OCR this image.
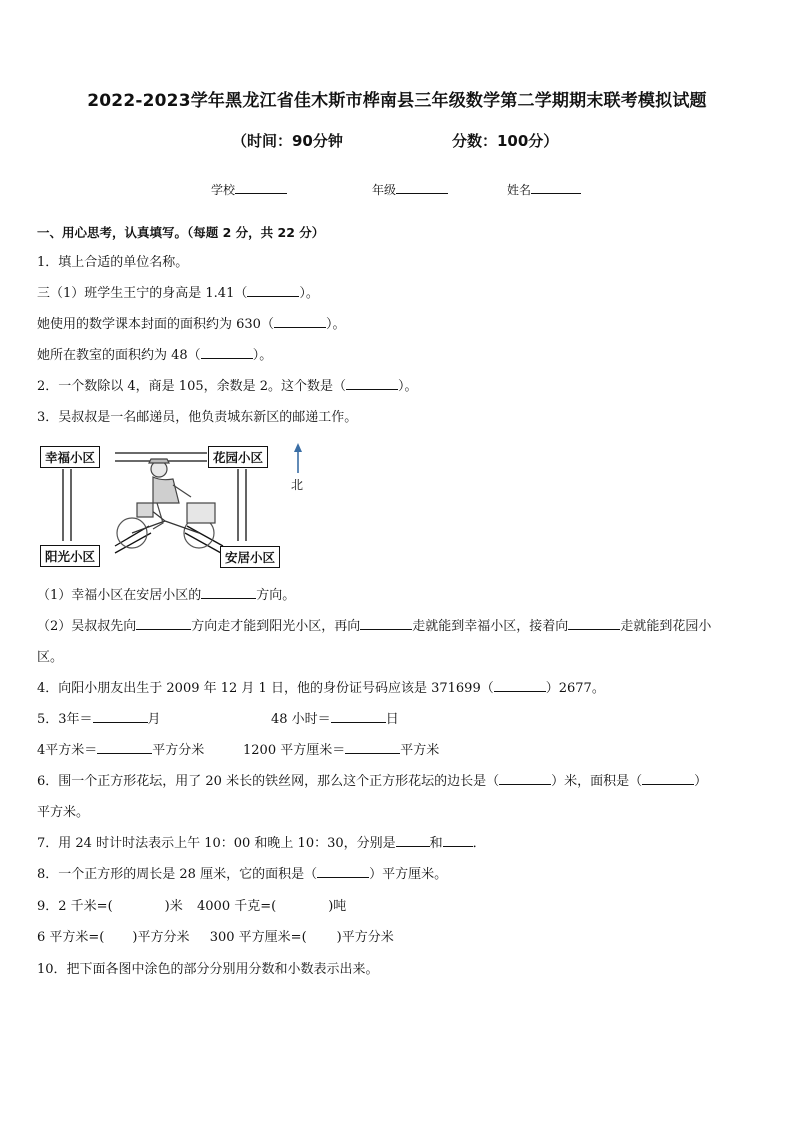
2022-2023学年黑龙江省佳木斯市桦南县三年级数学第二学期期末联考模拟试题
（时间：90分钟	分数：100分）
学校	年级	姓名
一、用心思考，认真填写。（每题 2 分，共 22 分）
1．填上合适的单位名称。
三（1）班学生王宁的身高是 1.41（	）。
她使用的数学课本封面的面积约为 630（	）。
她所在教室的面积约为 48（	）。
2．一个数除以 4，商是 105，余数是 2。这个数是（	）。
3．吴叔叔是一名邮递员，他负责城东新区的邮递工作。
幸福小区	花园小区
阳光小区	安居小区
北
（1）幸福小区在安居小区的	方向。
（2）吴叔叔先向	方向走才能到阳光小区，再向	走就能到幸福小区，接着向	走就能到花园小
区。
4．向阳小朋友出生于 2009 年 12 月 1 日，他的身份证号码应该是 371699（	）2677。
5．3年＝	月	48 小时＝	日
4平方米＝	平方分米	1200 平方厘米＝	平方米
6．围一个正方形花坛，用了 20 米长的铁丝网，那么这个正方形花坛的边长是（	）米，面积是（	）
平方米。
7．用 24 时计时法表示上午 10：00 和晚上 10：30，分别是	和 ．
8．一个正方形的周长是 28 厘米，它的面积是（	）平方厘米。
9．2 千米=(	)米 4000 千克=(	)吨
6 平方米=( )平方分米 300 平方厘米=( )平方分米
10．把下面各图中涂色的部分分别用分数和小数表示出来。
